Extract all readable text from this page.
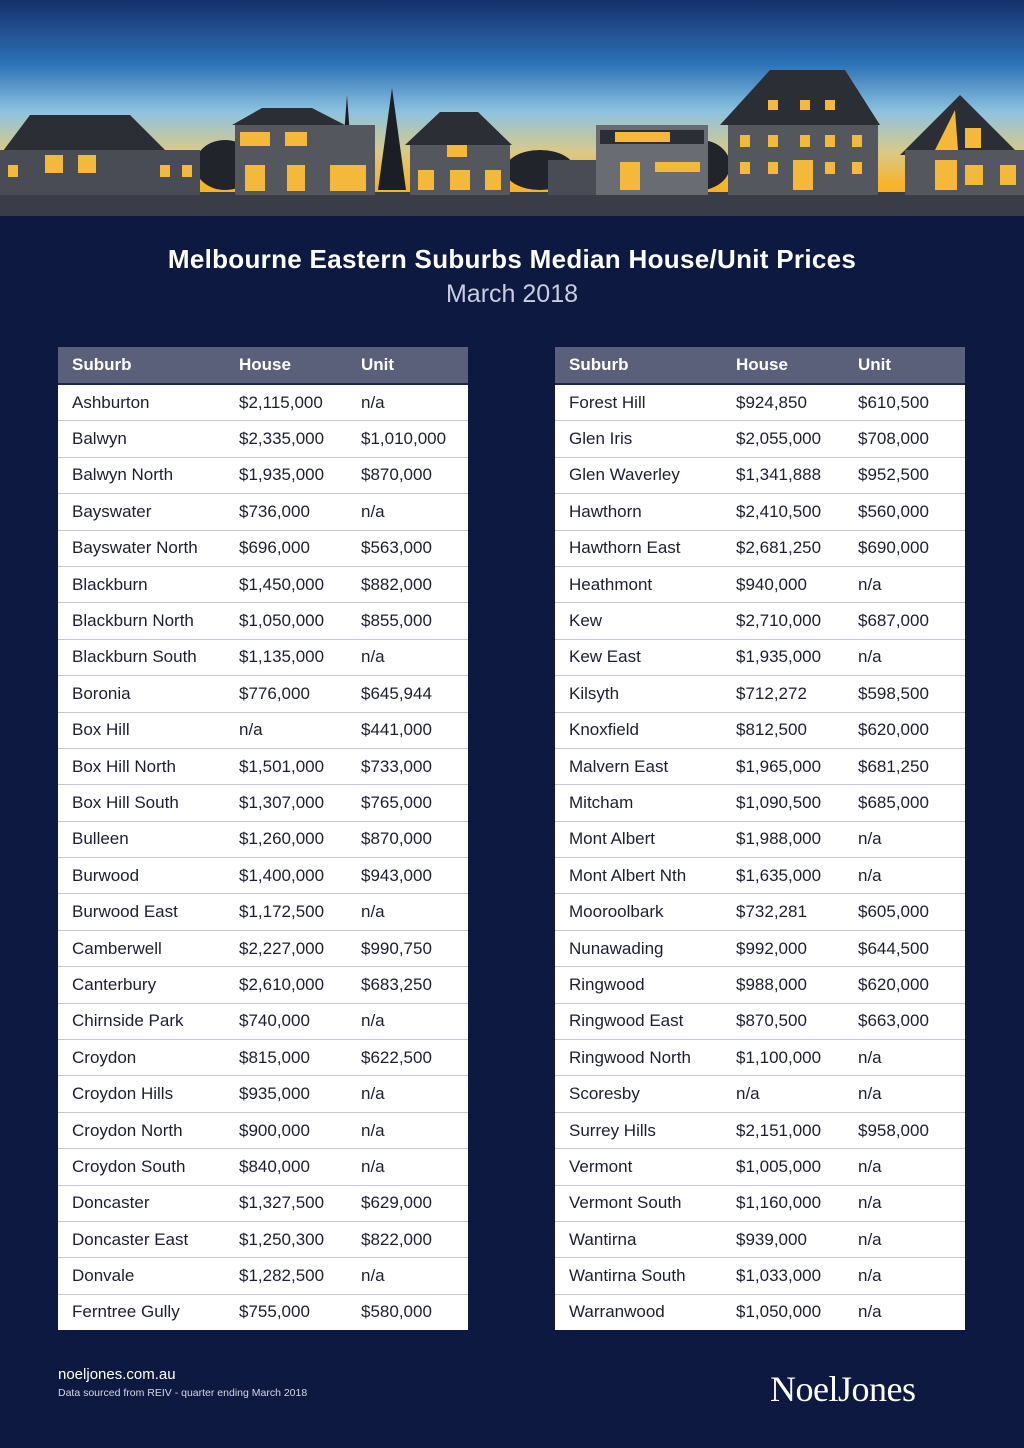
Melbourne Eastern Suburbs Median House/Unit Prices
March 2018
Suburb	House	Unit
Ashburton	$2,115,000	n/a
Balwyn	$2,335,000	$1,010,000
Balwyn North	$1,935,000	$870,000
Bayswater	$736,000	n/a
Bayswater North	$696,000	$563,000
Blackburn	$1,450,000	$882,000
Blackburn North	$1,050,000	$855,000
Blackburn South	$1,135,000	n/a
Boronia	$776,000	$645,944
Box Hill	n/a	$441,000
Box Hill North	$1,501,000	$733,000
Box Hill South	$1,307,000	$765,000
Bulleen	$1,260,000	$870,000
Burwood	$1,400,000	$943,000
Burwood East	$1,172,500	n/a
Camberwell	$2,227,000	$990,750
Canterbury	$2,610,000	$683,250
Chirnside Park	$740,000	n/a
Croydon	$815,000	$622,500
Croydon Hills	$935,000	n/a
Croydon North	$900,000	n/a
Croydon South	$840,000	n/a
Doncaster	$1,327,500	$629,000
Doncaster East	$1,250,300	$822,000
Donvale	$1,282,500	n/a
Ferntree Gully	$755,000	$580,000
Suburb	House	Unit
Forest Hill	$924,850	$610,500
Glen Iris	$2,055,000	$708,000
Glen Waverley	$1,341,888	$952,500
Hawthorn	$2,410,500	$560,000
Hawthorn East	$2,681,250	$690,000
Heathmont	$940,000	n/a
Kew	$2,710,000	$687,000
Kew East	$1,935,000	n/a
Kilsyth	$712,272	$598,500
Knoxfield	$812,500	$620,000
Malvern East	$1,965,000	$681,250
Mitcham	$1,090,500	$685,000
Mont Albert	$1,988,000	n/a
Mont Albert Nth	$1,635,000	n/a
Mooroolbark	$732,281	$605,000
Nunawading	$992,000	$644,500
Ringwood	$988,000	$620,000
Ringwood East	$870,500	$663,000
Ringwood North	$1,100,000	n/a
Scoresby	n/a	n/a
Surrey Hills	$2,151,000	$958,000
Vermont	$1,005,000	n/a
Vermont South	$1,160,000	n/a
Wantirna	$939,000	n/a
Wantirna South	$1,033,000	n/a
Warranwood	$1,050,000	n/a
noeljones.com.au
Data sourced from REIV - quarter ending March 2018	NoelJones
